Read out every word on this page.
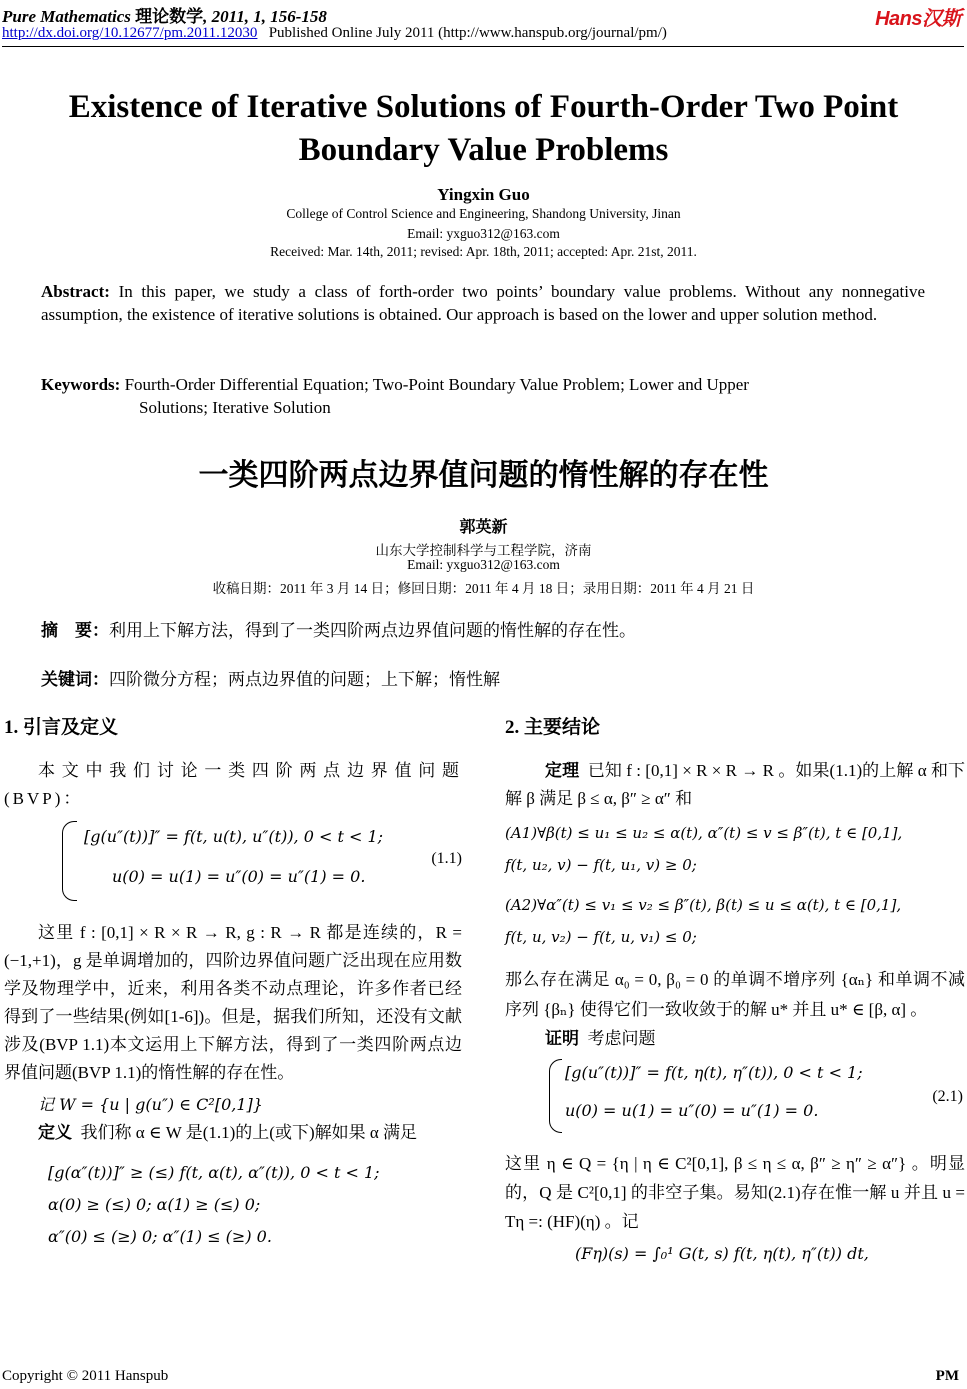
Pure Mathematics 理论数学, 2011, 1, 156-158
http://dx.doi.org/10.12677/pm.2011.12030 Published Online July 2011 (http://www.hanspub.org/journal/pm/)
Hans汉斯
Existence of Iterative Solutions of Fourth-Order Two Point Boundary Value Problems
Yingxin Guo
College of Control Science and Engineering, Shandong University, Jinan
Email: yxguo312@163.com
Received: Mar. 14th, 2011; revised: Apr. 18th, 2011; accepted: Apr. 21st, 2011.
Abstract: In this paper, we study a class of forth-order two points’ boundary value problems. Without any nonnegative assumption, the existence of iterative solutions is obtained. Our approach is based on the lower and upper solution method.
Keywords: Fourth-Order Differential Equation; Two-Point Boundary Value Problem; Lower and Upper
Solutions; Iterative Solution
一类四阶两点边界值问题的惰性解的存在性
郭英新
山东大学控制科学与工程学院，济南
Email: yxguo312@163.com
收稿日期：2011 年 3 月 14 日；修回日期：2011 年 4 月 18 日；录用日期：2011 年 4 月 21 日
摘　要：利用上下解方法，得到了一类四阶两点边界值问题的惰性解的存在性。
关键词：四阶微分方程；两点边界值的问题；上下解；惰性解
1. 引言及定义

本文中我们讨论一类四阶两点边界值问题(BVP)：

[g(u″(t))]″ = f(t, u(t), u″(t)), 0 < t < 1;
u(0) = u(1) = u″(0) = u″(1) = 0.
(1.1)

这里 f : [0,1] × R × R → R, g : R → R 都是连续的，R = (−1,+1)，g 是单调增加的，四阶边界值问题广泛出现在应用数学及物理学中，近来，利用各类不动点理论，许多作者已经得到了一些结果(例如[1-6])。但是，据我们所知，还没有文献涉及(BVP 1.1)本文运用上下解方法，得到了一类四阶两点边界值问题(BVP 1.1)的惰性解的存在性。

记 W = {u | g(u″) ∈ C²[0,1]}

定义 我们称 α ∈ W 是(1.1)的上(或下)解如果 α 满足

[g(α″(t))]″ ≥ (≤) f(t, α(t), α″(t)), 0 < t < 1;
α(0) ≥ (≤) 0; α(1) ≥ (≤) 0;
α″(0) ≤ (≥) 0; α″(1) ≤ (≥) 0.
2. 主要结论

定理 已知 f : [0,1] × R × R → R 。如果(1.1)的上解 α 和下解 β 满足 β ≤ α, β″ ≥ α″ 和

(A1)∀β(t) ≤ u₁ ≤ u₂ ≤ α(t), α″(t) ≤ v ≤ β″(t), t ∈ [0,1],
f(t, u₂, v) − f(t, u₁, v) ≥ 0;
(A2)∀α″(t) ≤ v₁ ≤ v₂ ≤ β″(t), β(t) ≤ u ≤ α(t), t ∈ [0,1],
f(t, u, v₂) − f(t, u, v₁) ≤ 0;

那么存在满足 α₀ = 0, β₀ = 0 的单调不增序列 {αₙ} 和单调不减序列 {βₙ} 使得它们一致收敛于的解 u* 并且 u* ∈ [β, α] 。

证明 考虑问题

[g(u″(t))]″ = f(t, η(t), η″(t)), 0 < t < 1;
u(0) = u(1) = u″(0) = u″(1) = 0.
(2.1)

这里 η ∈ Q = {η | η ∈ C²[0,1], β ≤ η ≤ α, β″ ≥ η″ ≥ α″} 。明显的，Q 是 C²[0,1] 的非空子集。易知(2.1)存在惟一解 u 并且 u = Tη =: (HF)(η) 。记

(Fη)(s) = ∫₀¹ G(t, s) f(t, η(t), η″(t)) dt,
Copyright © 2011 Hanspub	PM
